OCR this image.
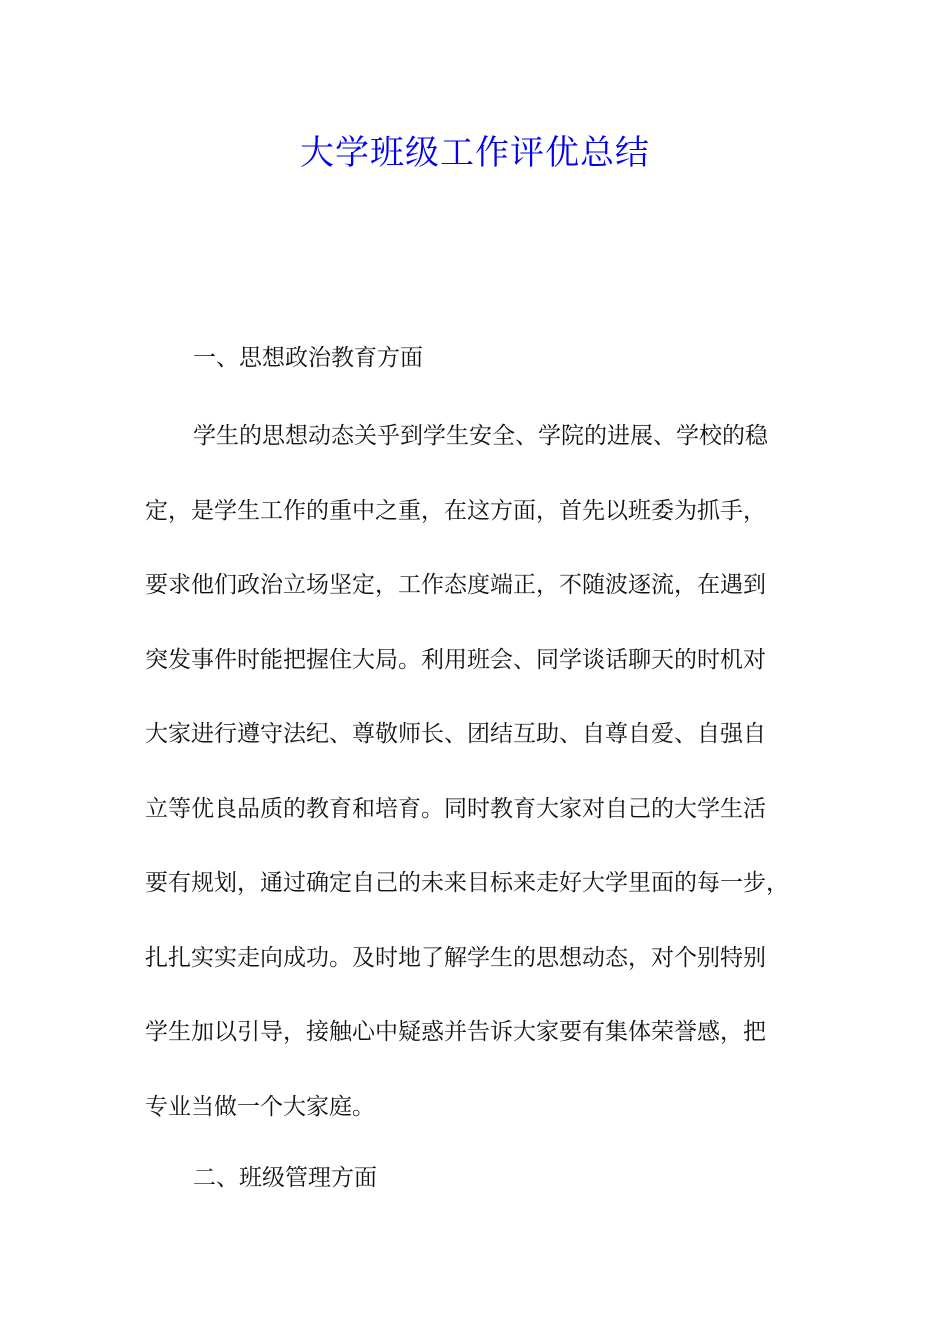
大学班级工作评优总结
一、思想政治教育方面
学生的思想动态关乎到学生安全、学院的进展、学校的稳
定，是学生工作的重中之重，在这方面，首先以班委为抓手，
要求他们政治立场坚定，工作态度端正，不随波逐流，在遇到
突发事件时能把握住大局。利用班会、同学谈话聊天的时机对
大家进行遵守法纪、尊敬师长、团结互助、自尊自爱、自强自
立等优良品质的教育和培育。同时教育大家对自己的大学生活
要有规划，通过确定自己的未来目标来走好大学里面的每一步，
扎扎实实走向成功。及时地了解学生的思想动态，对个别特别
学生加以引导，接触心中疑惑并告诉大家要有集体荣誉感，把
专业当做一个大家庭。
二、班级管理方面
